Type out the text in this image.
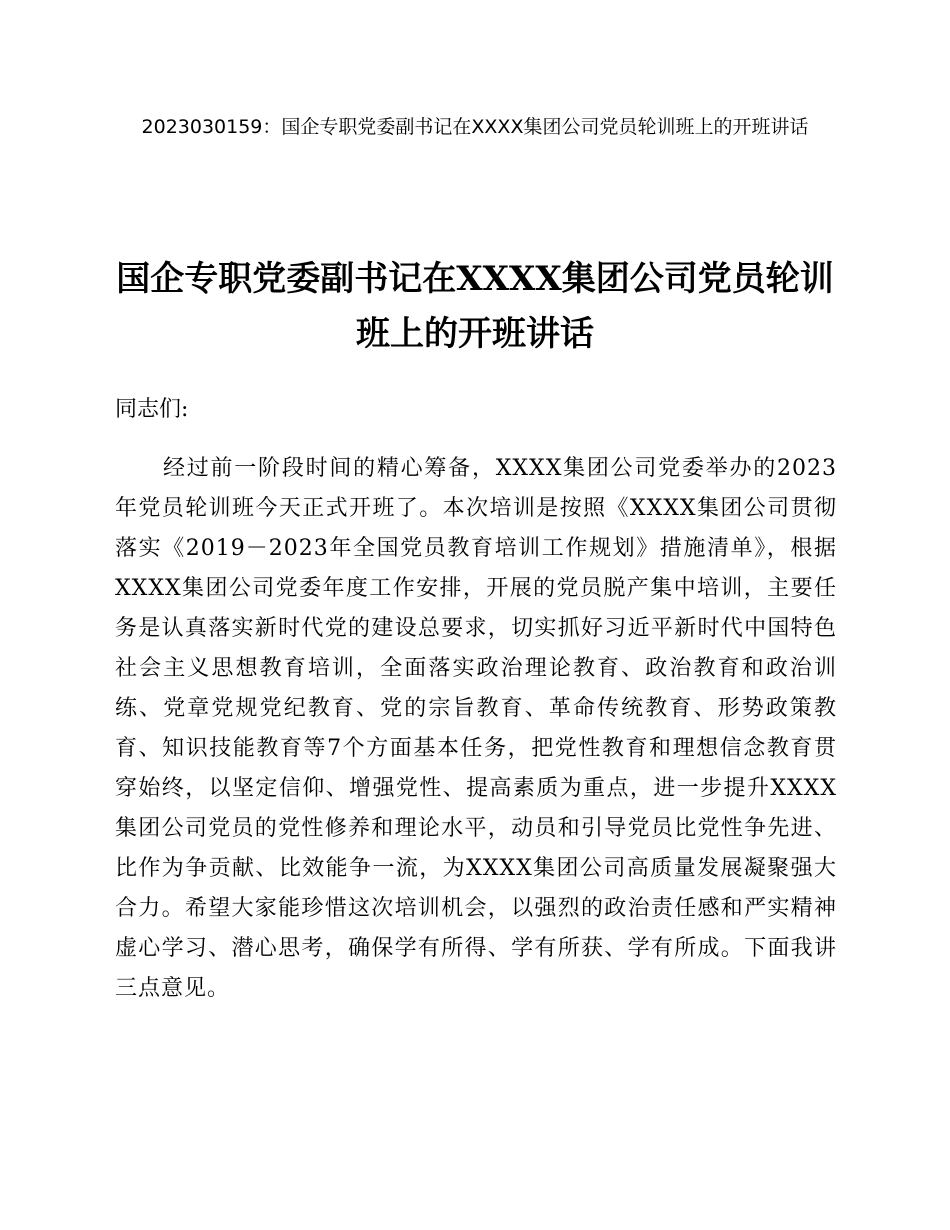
2023030159：国企专职党委副书记在XXXX集团公司党员轮训班上的开班讲话
国企专职党委副书记在XXXX集团公司党员轮训班上的开班讲话
同志们:

经过前一阶段时间的精心筹备，XXXX集团公司党委举办的2023年党员轮训班今天正式开班了。本次培训是按照《XXXX集团公司贯彻落实《2019－2023年全国党员教育培训工作规划》措施清单》，根据XXXX集团公司党委年度工作安排，开展的党员脱产集中培训，主要任务是认真落实新时代党的建设总要求，切实抓好习近平新时代中国特色社会主义思想教育培训，全面落实政治理论教育、政治教育和政治训练、党章党规党纪教育、党的宗旨教育、革命传统教育、形势政策教育、知识技能教育等7个方面基本任务，把党性教育和理想信念教育贯穿始终，以坚定信仰、增强党性、提高素质为重点，进一步提升XXXX集团公司党员的党性修养和理论水平，动员和引导党员比党性争先进、比作为争贡献、比效能争一流，为XXXX集团公司高质量发展凝聚强大合力。希望大家能珍惜这次培训机会，以强烈的政治责任感和严实精神虚心学习、潜心思考，确保学有所得、学有所获、学有所成。下面我讲三点意见。
